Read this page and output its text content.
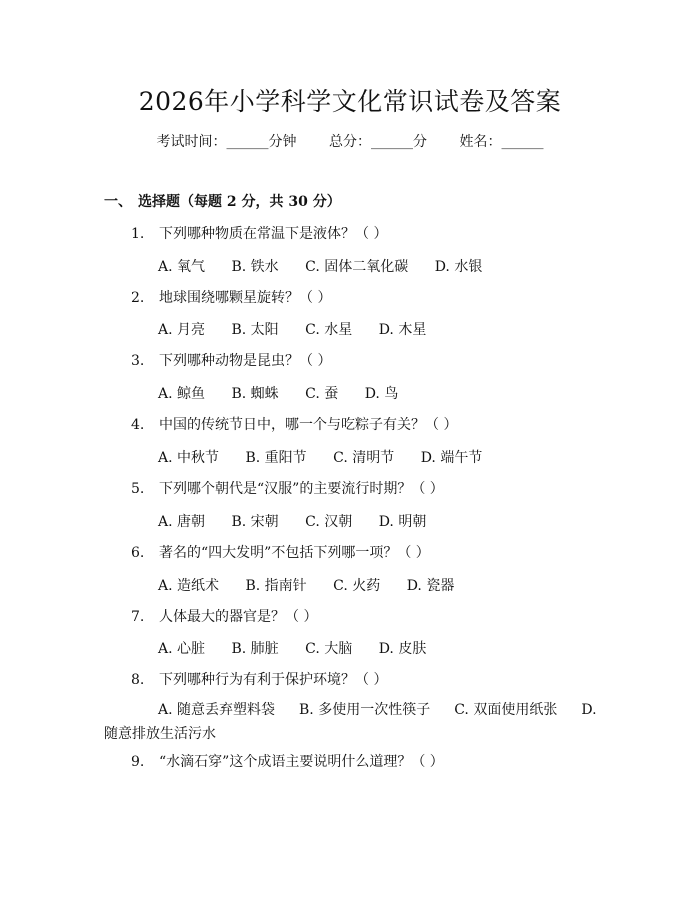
2026年小学科学文化常识试卷及答案
考试时间：______分钟 总分：______分 姓名：______
一、 选择题（每题 2 分，共 30 分）
1. 下列哪种物质在常温下是液体？（ ）
A. 氧气 B. 铁水 C. 固体二氧化碳 D. 水银
2. 地球围绕哪颗星旋转？（ ）
A. 月亮 B. 太阳 C. 水星 D. 木星
3. 下列哪种动物是昆虫？（ ）
A. 鲸鱼 B. 蜘蛛 C. 蚕 D. 鸟
4. 中国的传统节日中，哪一个与吃粽子有关？（ ）
A. 中秋节 B. 重阳节 C. 清明节 D. 端午节
5. 下列哪个朝代是“汉服”的主要流行时期？（ ）
A. 唐朝 B. 宋朝 C. 汉朝 D. 明朝
6. 著名的“四大发明”不包括下列哪一项？（ ）
A. 造纸术 B. 指南针 C. 火药 D. 瓷器
7. 人体最大的器官是？（ ）
A. 心脏 B. 肺脏 C. 大脑 D. 皮肤
8. 下列哪种行为有利于保护环境？（ ）
A. 随意丢弃塑料袋 B. 多使用一次性筷子 C. 双面使用纸张 D. 随意排放生活污水
9. “水滴石穿”这个成语主要说明什么道理？（ ）
